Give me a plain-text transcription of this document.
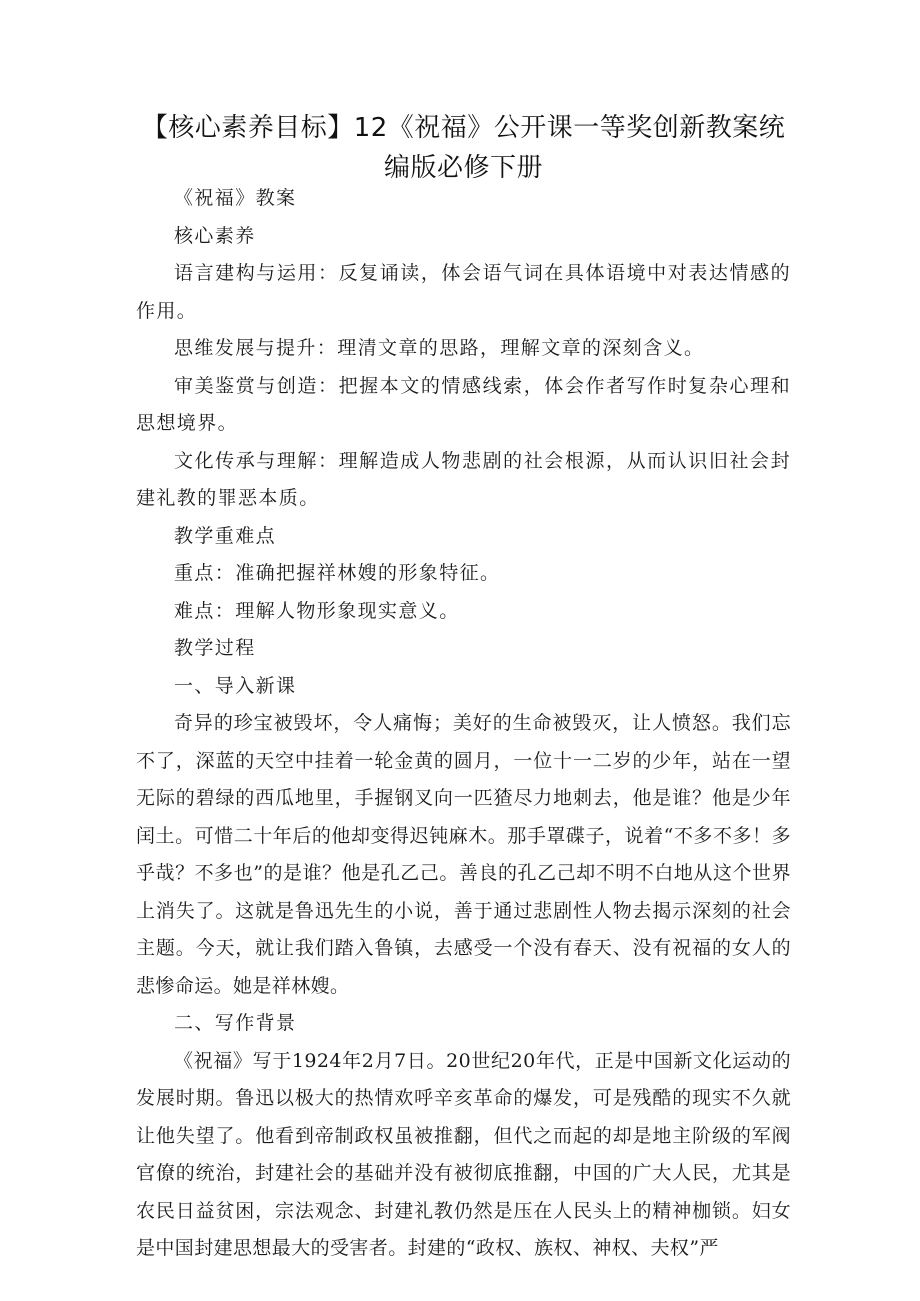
【核心素养目标】12《祝福》公开课一等奖创新教案统编版必修下册

《祝福》教案

核心素养

语言建构与运用：反复诵读，体会语气词在具体语境中对表达情感的作用。

思维发展与提升：理清文章的思路，理解文章的深刻含义。

审美鉴赏与创造：把握本文的情感线索，体会作者写作时复杂心理和思想境界。

文化传承与理解：理解造成人物悲剧的社会根源，从而认识旧社会封建礼教的罪恶本质。

教学重难点

重点：准确把握祥林嫂的形象特征。

难点：理解人物形象现实意义。

教学过程

一、导入新课

奇异的珍宝被毁坏，令人痛悔；美好的生命被毁灭，让人愤怒。我们忘不了，深蓝的天空中挂着一轮金黄的圆月，一位十一二岁的少年，站在一望无际的碧绿的西瓜地里，手握钢叉向一匹猹尽力地刺去，他是谁？他是少年闰土。可惜二十年后的他却变得迟钝麻木。那手罩碟子，说着“不多不多！多乎哉？不多也”的是谁？他是孔乙己。善良的孔乙己却不明不白地从这个世界上消失了。这就是鲁迅先生的小说，善于通过悲剧性人物去揭示深刻的社会主题。今天，就让我们踏入鲁镇，去感受一个没有春天、没有祝福的女人的悲惨命运。她是祥林嫂。

二、写作背景

《祝福》写于1924年2月7日。20世纪20年代，正是中国新文化运动的发展时期。鲁迅以极大的热情欢呼辛亥革命的爆发，可是残酷的现实不久就让他失望了。他看到帝制政权虽被推翻，但代之而起的却是地主阶级的军阀官僚的统治，封建社会的基础并没有被彻底推翻，中国的广大人民，尤其是农民日益贫困，宗法观念、封建礼教仍然是压在人民头上的精神枷锁。妇女是中国封建思想最大的受害者。封建的“政权、族权、神权、夫权”严
